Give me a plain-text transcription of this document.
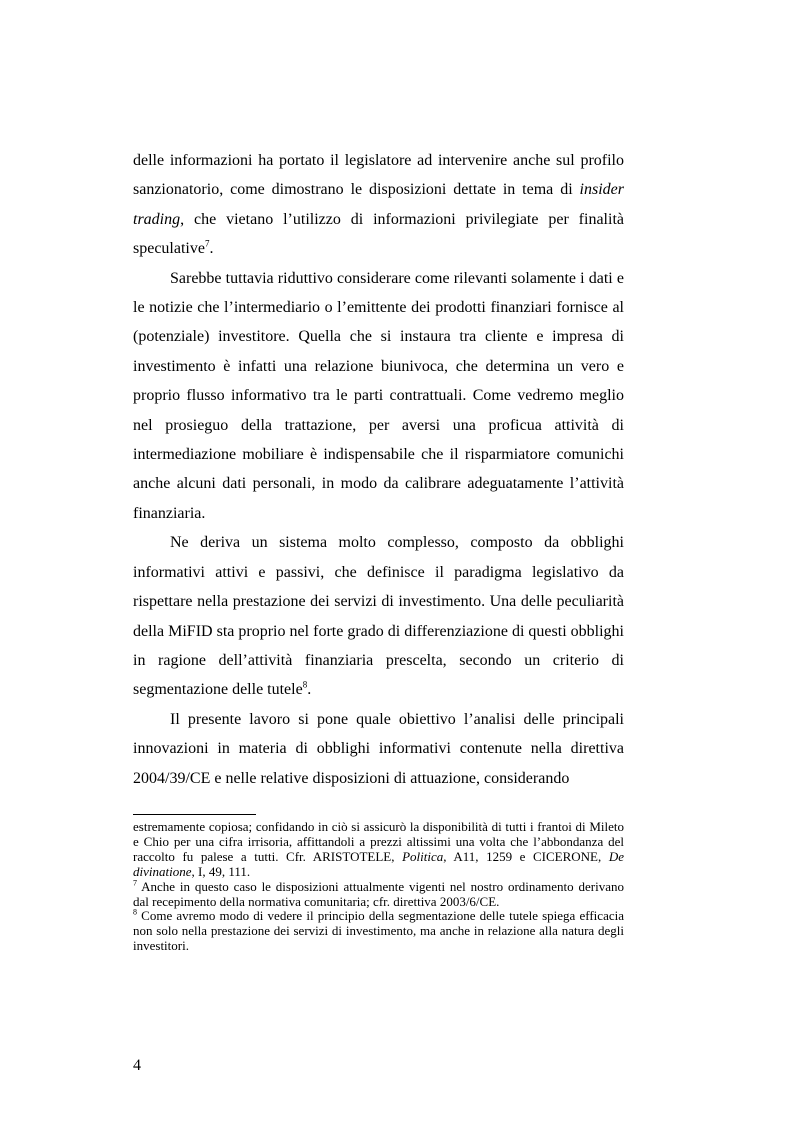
delle informazioni ha portato il legislatore ad intervenire anche sul profilo sanzionatorio, come dimostrano le disposizioni dettate in tema di insider trading, che vietano l’utilizzo di informazioni privilegiate per finalità speculative$^7$.

Sarebbe tuttavia riduttivo considerare come rilevanti solamente i dati e le notizie che l’intermediario o l’emittente dei prodotti finanziari fornisce al (potenziale) investitore. Quella che si instaura tra cliente e impresa di investimento è infatti una relazione biunivoca, che determina un vero e proprio flusso informativo tra le parti contrattuali. Come vedremo meglio nel prosieguo della trattazione, per aversi una proficua attività di intermediazione mobiliare è indispensabile che il risparmiatore comunichi anche alcuni dati personali, in modo da calibrare adeguatamente l’attività finanziaria.

Ne deriva un sistema molto complesso, composto da obblighi informativi attivi e passivi, che definisce il paradigma legislativo da rispettare nella prestazione dei servizi di investimento. Una delle peculiarità della MiFID sta proprio nel forte grado di differenziazione di questi obblighi in ragione dell’attività finanziaria prescelta, secondo un criterio di segmentazione delle tutele$^8$.

Il presente lavoro si pone quale obiettivo l’analisi delle principali innovazioni in materia di obblighi informativi contenute nella direttiva 2004/39/CE e nelle relative disposizioni di attuazione, considerando

estremamente copiosa; confidando in ciò si assicurò la disponibilità di tutti i frantoi di Mileto e Chio per una cifra irrisoria, affittandoli a prezzi altissimi una volta che l’abbondanza del raccolto fu palese a tutti. Cfr. ARISTOTELE, Politica, A11, 1259 e CICERONE, De divinatione, I, 49, 111.

$^7$ Anche in questo caso le disposizioni attualmente vigenti nel nostro ordinamento derivano dal recepimento della normativa comunitaria; cfr. direttiva 2003/6/CE.

$^8$ Come avremo modo di vedere il principio della segmentazione delle tutele spiega efficacia non solo nella prestazione dei servizi di investimento, ma anche in relazione alla natura degli investitori.

4
